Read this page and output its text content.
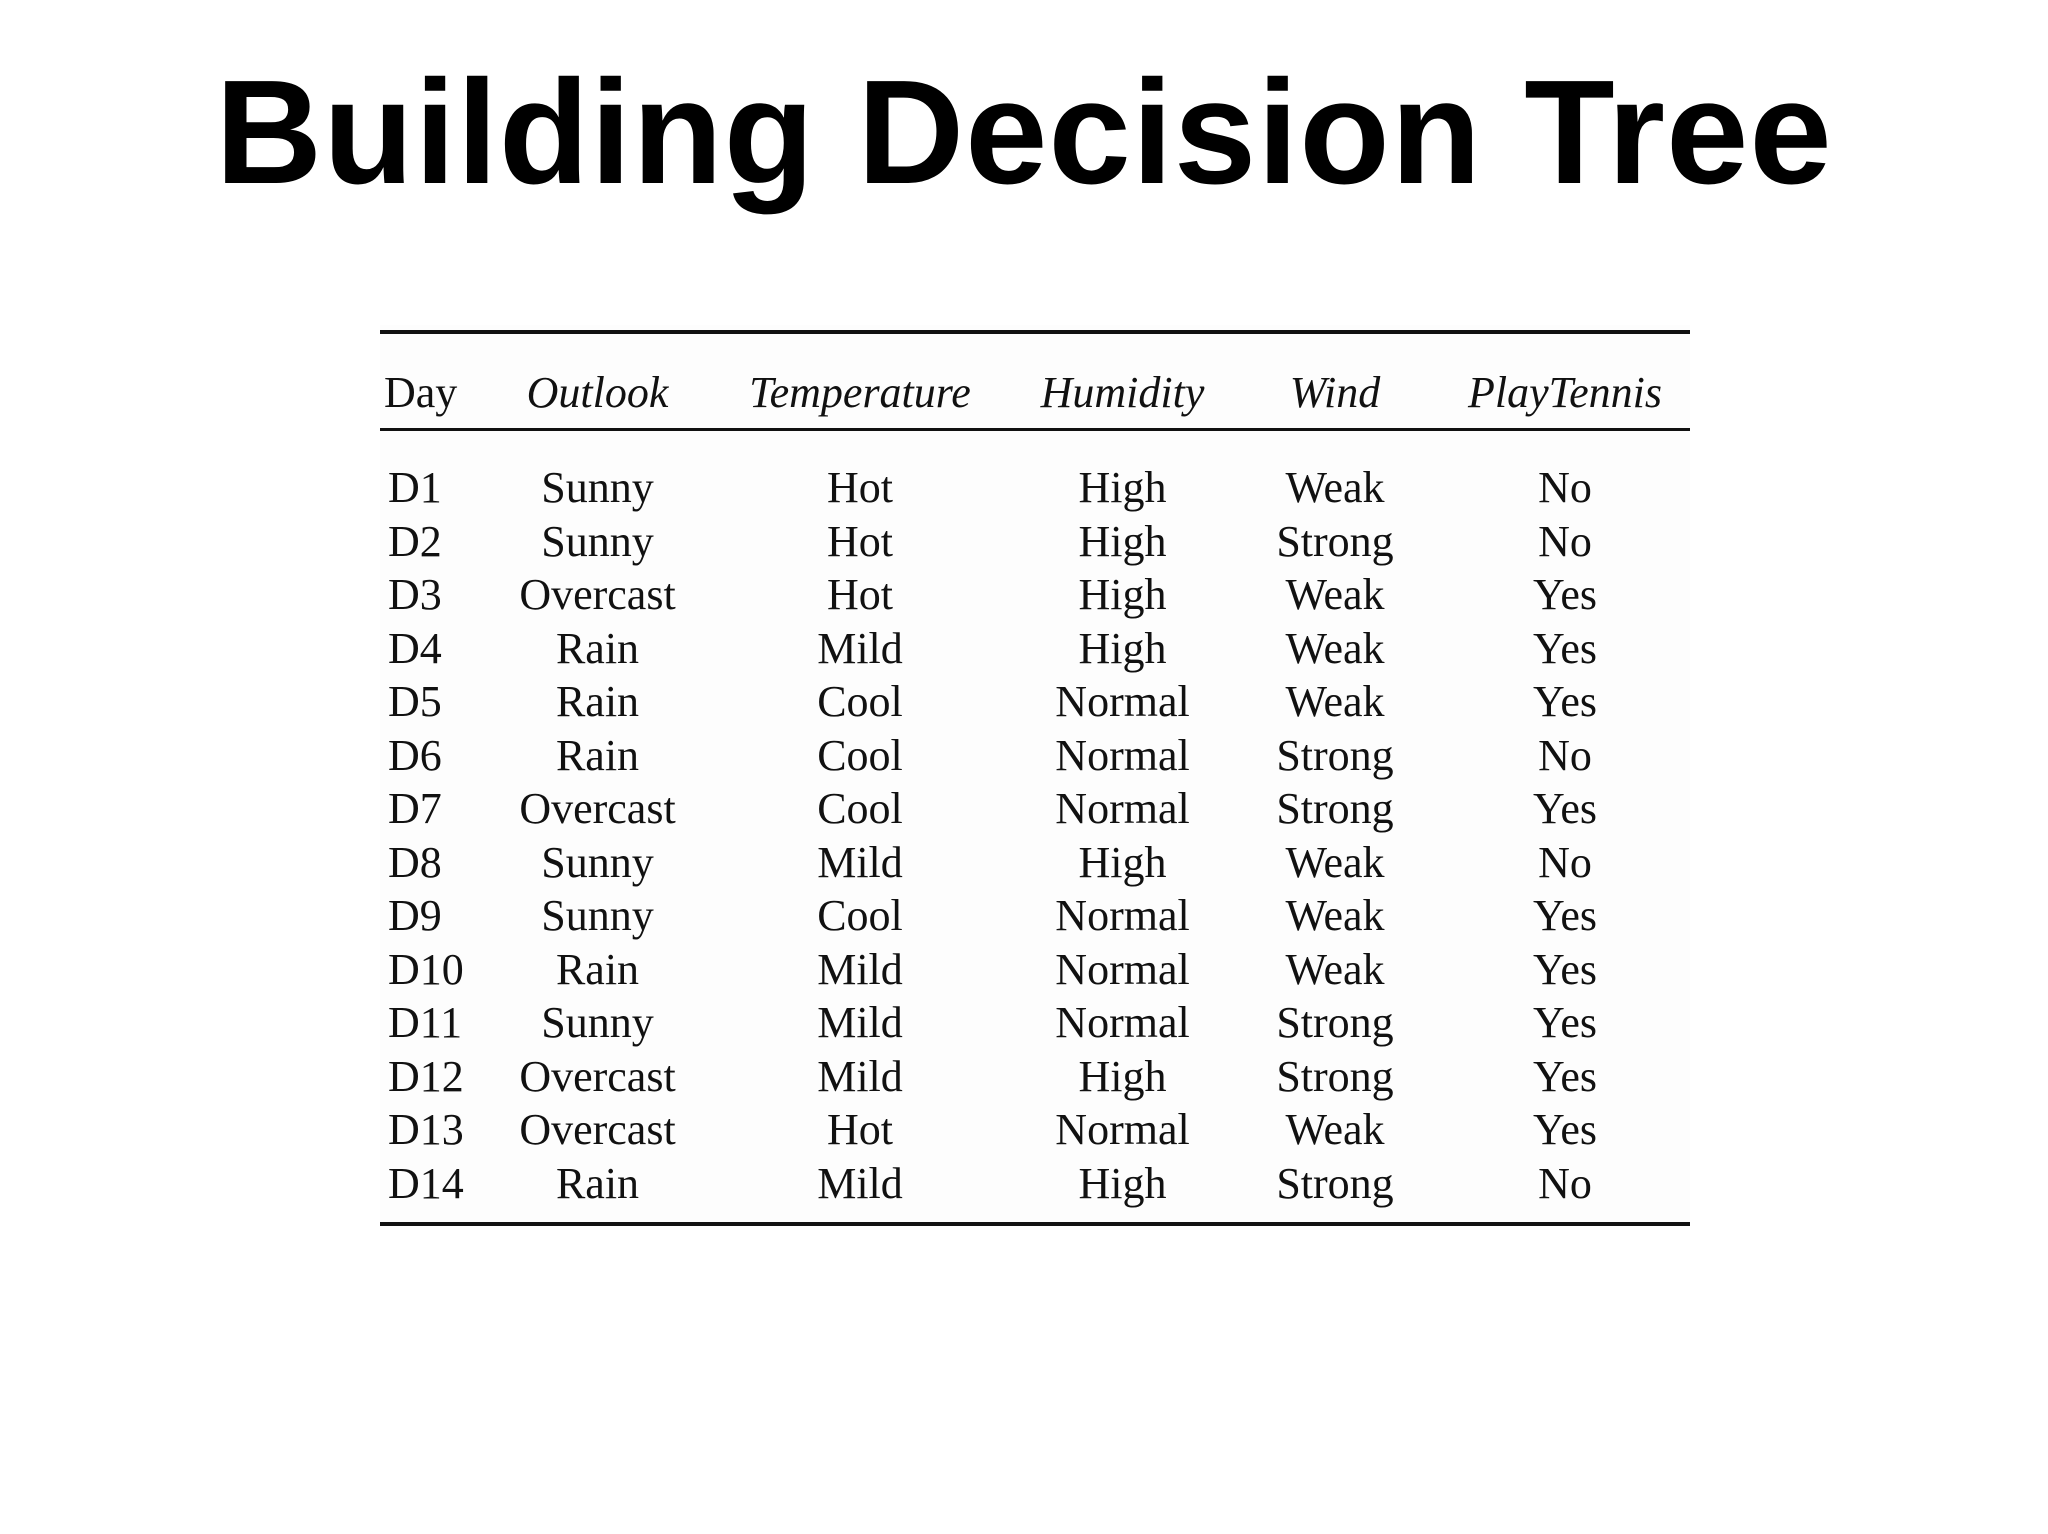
Building Decision Tree
Day	Outlook	Temperature	Humidity	Wind	PlayTennis

D1	Sunny	Hot	High	Weak	No
D2	Sunny	Hot	High	Strong	No
D3	Overcast	Hot	High	Weak	Yes
D4	Rain	Mild	High	Weak	Yes
D5	Rain	Cool	Normal	Weak	Yes
D6	Rain	Cool	Normal	Strong	No
D7	Overcast	Cool	Normal	Strong	Yes
D8	Sunny	Mild	High	Weak	No
D9	Sunny	Cool	Normal	Weak	Yes
D10	Rain	Mild	Normal	Weak	Yes
D11	Sunny	Mild	Normal	Strong	Yes
D12	Overcast	Mild	High	Strong	Yes
D13	Overcast	Hot	Normal	Weak	Yes
D14	Rain	Mild	High	Strong	No
